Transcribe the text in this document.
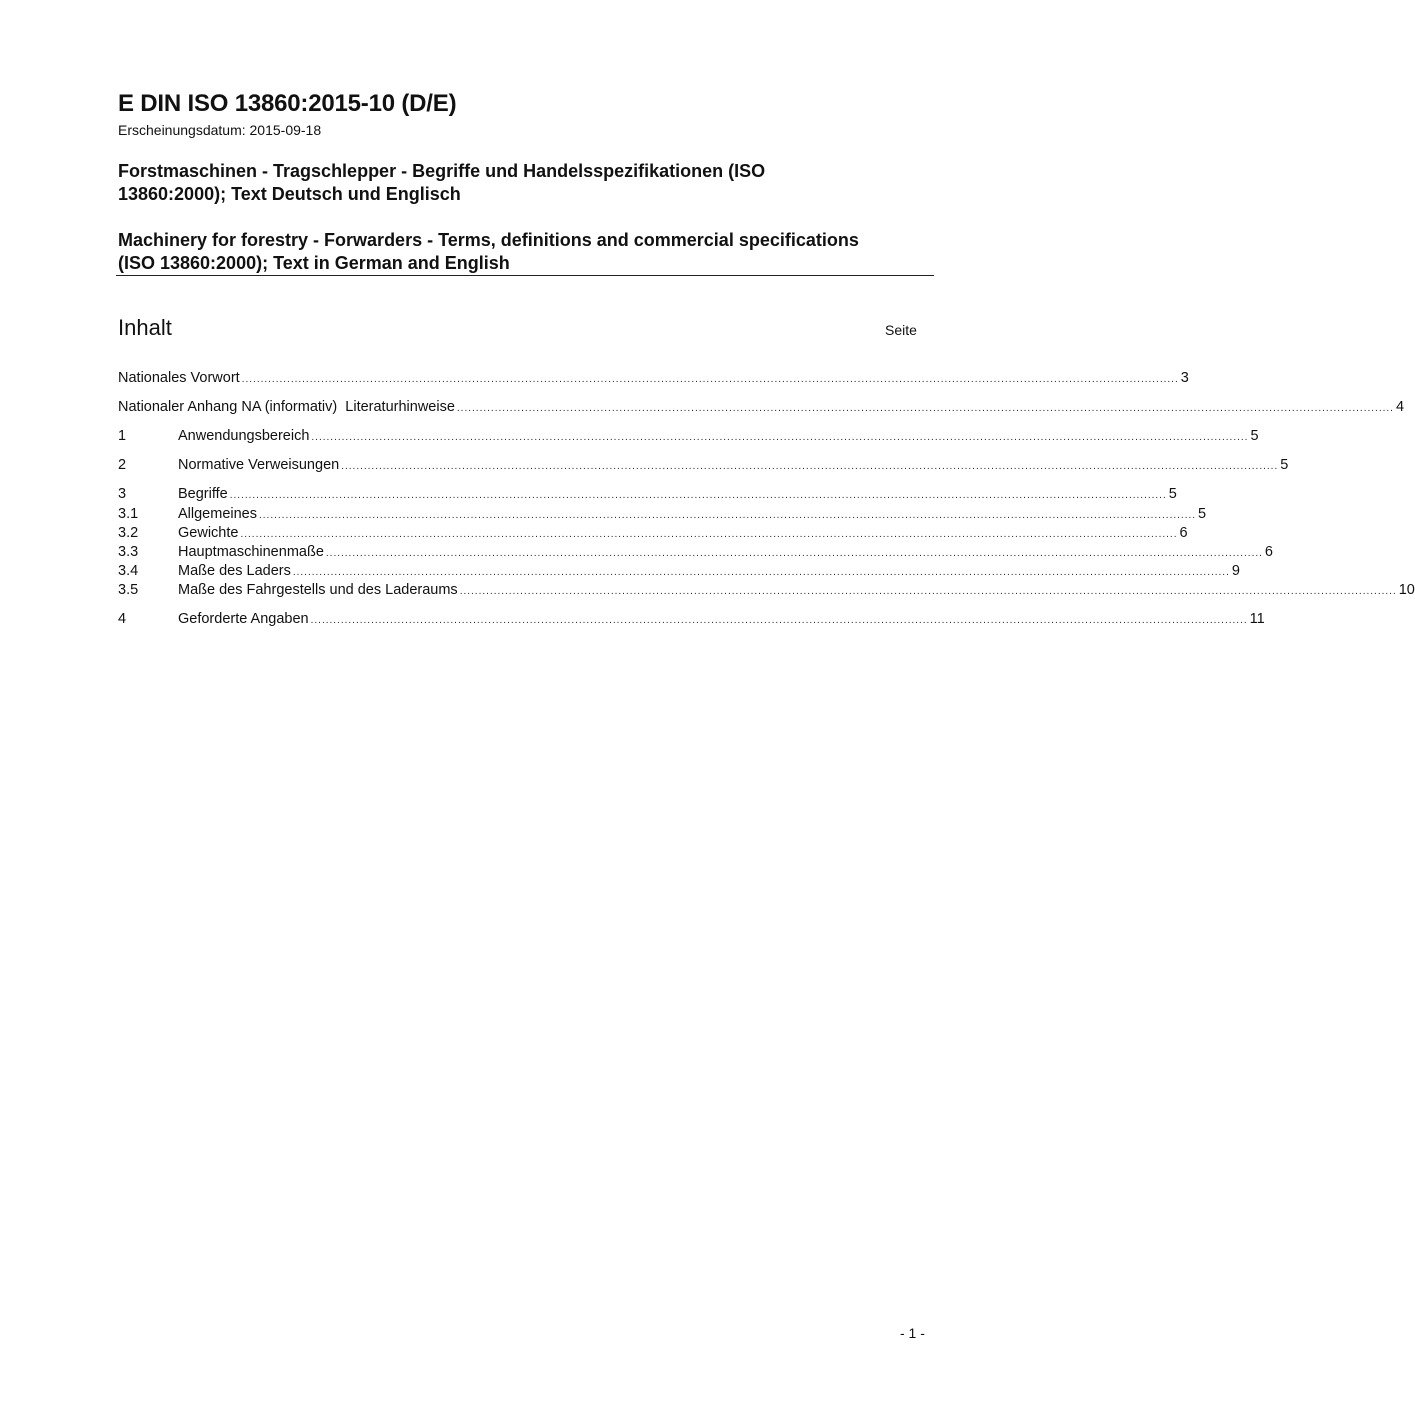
E DIN ISO 13860:2015-10 (D/E)
Erscheinungsdatum: 2015-09-18
Forstmaschinen - Tragschlepper - Begriffe und Handelsspezifikationen (ISO 13860:2000); Text Deutsch und Englisch
Machinery for forestry - Forwarders - Terms, definitions and commercial specifications (ISO 13860:2000); Text in German and English
Inhalt	Seite
Nationales Vorwort ........................................................................................................................................................................................................................................................ 3
Nationaler Anhang NA (informativ)  Literaturhinweise ........................................................................................................................................................................................................................................................ 4
1	Anwendungsbereich ........................................................................................................................................................................................................................................................ 5
2	Normative Verweisungen ........................................................................................................................................................................................................................................................ 5
3	Begriffe ........................................................................................................................................................................................................................................................ 5
3.1	Allgemeines ........................................................................................................................................................................................................................................................ 5
3.2	Gewichte ........................................................................................................................................................................................................................................................ 6
3.3	Hauptmaschinenmaße ........................................................................................................................................................................................................................................................ 6
3.4	Maße des Laders ........................................................................................................................................................................................................................................................ 9
3.5	Maße des Fahrgestells und des Laderaums ........................................................................................................................................................................................................................................................ 10
4	Geforderte Angaben ........................................................................................................................................................................................................................................................ 11
- 1 -
